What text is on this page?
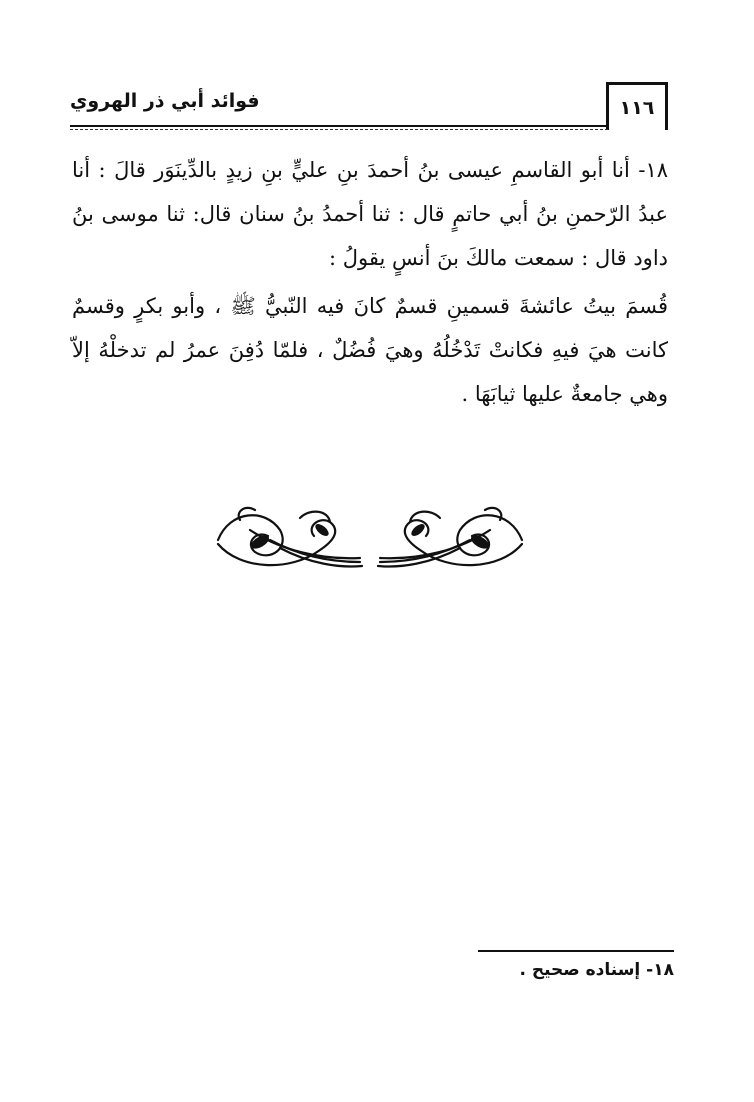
فوائد أبي ذر الهروي	١١٦

١٨- أنا أبو القاسمِ عيسى بنُ أحمدَ بنِ عليٍّ بنِ زيدٍ بالدِّينَوَر قالَ : أنا عبدُ الرّحمنِ بنُ أبي حاتمٍ قال : ثنا أحمدُ بنُ سنان قال: ثنا موسى بنُ داود قال : سمعت مالكَ بنَ أنسٍ يقولُ :

قُسمَ بيتُ عائشةَ قسمينِ قسمٌ كانَ فيه النّبيُّ ﷺ ، وأبو بكرٍ وقسمٌ كانت هيَ فيهِ فكانتْ تَدْخُلُهُ وهيَ فُضُلٌ ، فلمّا دُفِنَ عمرُ لم تدخلْهُ إلاّ وهي جامعةٌ عليها ثيابَهَا .

١٨- إسناده صحيح .
